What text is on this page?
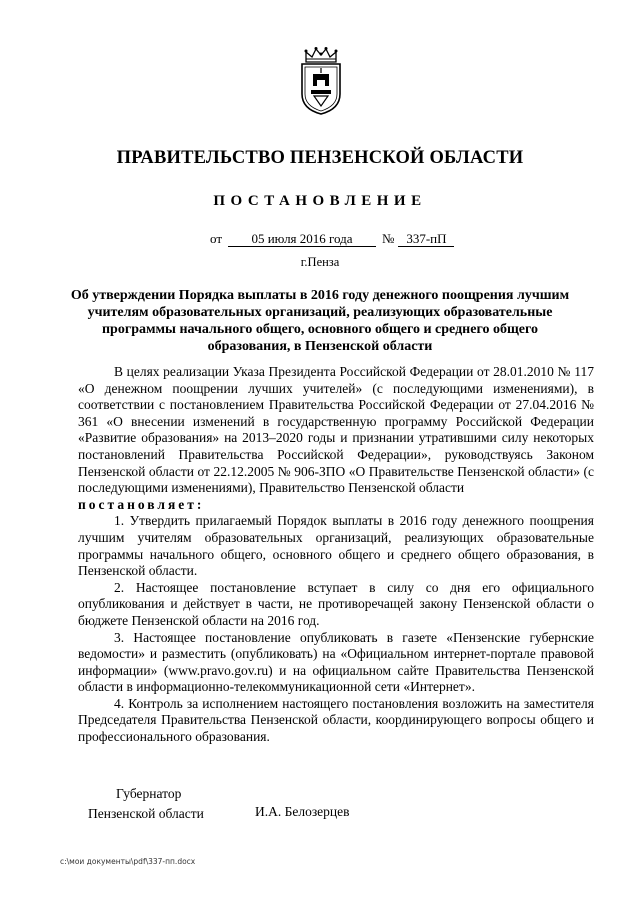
ПРАВИТЕЛЬСТВО ПЕНЗЕНСКОЙ ОБЛАСТИ
ПОСТАНОВЛЕНИЕ
от 05 июля 2016 года № 337-пП
г.Пенза
Об утверждении Порядка выплаты в 2016 году денежного поощрения лучшим учителям образовательных организаций, реализующих образовательные программы начального общего, основного общего и среднего общего образования, в Пензенской области

В целях реализации Указа Президента Российской Федерации от 28.01.2010 № 117 «О денежном поощрении лучших учителей» (с последующими изменениями), в соответствии с постановлением Правительства Российской Федерации от 27.04.2016 № 361 «О внесении изменений в государственную программу Российской Федерации «Развитие образования» на 2013–2020 годы и признании утратившими силу некоторых постановлений Правительства Российской Федерации», руководствуясь Законом Пензенской области от 22.12.2005 № 906-ЗПО «О Правительстве Пензенской области» (с последующими изменениями), Правительство Пензенской области

постановляет:

1. Утвердить прилагаемый Порядок выплаты в 2016 году денежного поощрения лучшим учителям образовательных организаций, реализующих образовательные программы начального общего, основного общего и среднего общего образования, в Пензенской области.

2. Настоящее постановление вступает в силу со дня его официального опубликования и действует в части, не противоречащей закону Пензенской области о бюджете Пензенской области на 2016 год.

3. Настоящее постановление опубликовать в газете «Пензенские губернские ведомости» и разместить (опубликовать) на «Официальном интернет-портале правовой информации» (www.pravo.gov.ru) и на официальном сайте Правительства Пензенской области в информационно-телекоммуникационной сети «Интернет».

4. Контроль за исполнением настоящего постановления возложить на заместителя Председателя Правительства Пензенской области, координирующего вопросы общего и профессионального образования.

Губернатор
Пензенской области	И.А. Белозерцев
c:\мои документы\pdf\337-пп.docx
